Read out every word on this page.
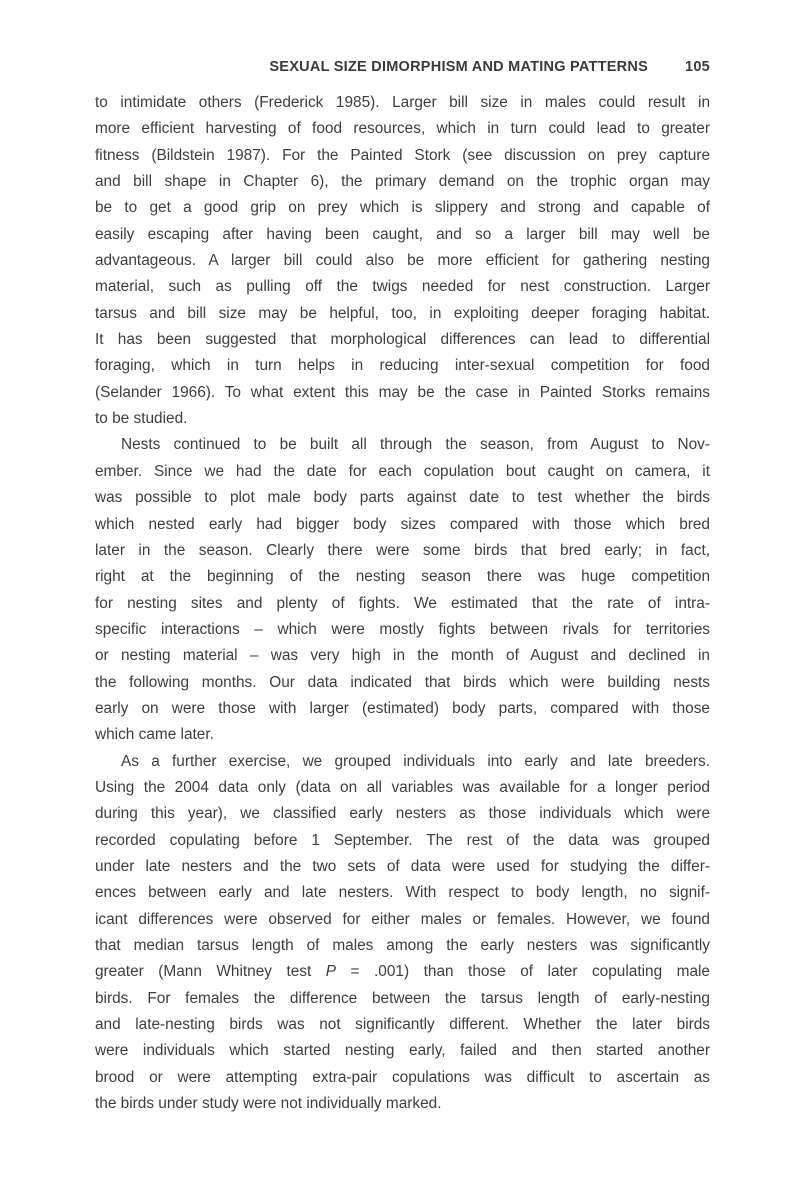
SEXUAL SIZE DIMORPHISM AND MATING PATTERNS	105
to intimidate others (Frederick 1985). Larger bill size in males could result in
more efficient harvesting of food resources, which in turn could lead to greater
fitness (Bildstein 1987). For the Painted Stork (see discussion on prey capture
and bill shape in Chapter 6), the primary demand on the trophic organ may
be to get a good grip on prey which is slippery and strong and capable of
easily escaping after having been caught, and so a larger bill may well be
advantageous. A larger bill could also be more efficient for gathering nesting
material, such as pulling off the twigs needed for nest construction. Larger
tarsus and bill size may be helpful, too, in exploiting deeper foraging habitat.
It has been suggested that morphological differences can lead to differential
foraging, which in turn helps in reducing inter-sexual competition for food
(Selander 1966). To what extent this may be the case in Painted Storks remains
to be studied.
Nests continued to be built all through the season, from August to Nov-
ember. Since we had the date for each copulation bout caught on camera, it
was possible to plot male body parts against date to test whether the birds
which nested early had bigger body sizes compared with those which bred
later in the season. Clearly there were some birds that bred early; in fact,
right at the beginning of the nesting season there was huge competition
for nesting sites and plenty of fights. We estimated that the rate of intra-
specific interactions – which were mostly fights between rivals for territories
or nesting material – was very high in the month of August and declined in
the following months. Our data indicated that birds which were building nests
early on were those with larger (estimated) body parts, compared with those
which came later.
As a further exercise, we grouped individuals into early and late breeders.
Using the 2004 data only (data on all variables was available for a longer period
during this year), we classified early nesters as those individuals which were
recorded copulating before 1 September. The rest of the data was grouped
under late nesters and the two sets of data were used for studying the differ-
ences between early and late nesters. With respect to body length, no signif-
icant differences were observed for either males or females. However, we found
that median tarsus length of males among the early nesters was significantly
greater (Mann Whitney test P = .001) than those of later copulating male
birds. For females the difference between the tarsus length of early-nesting
and late-nesting birds was not significantly different. Whether the later birds
were individuals which started nesting early, failed and then started another
brood or were attempting extra-pair copulations was difficult to ascertain as
the birds under study were not individually marked.
